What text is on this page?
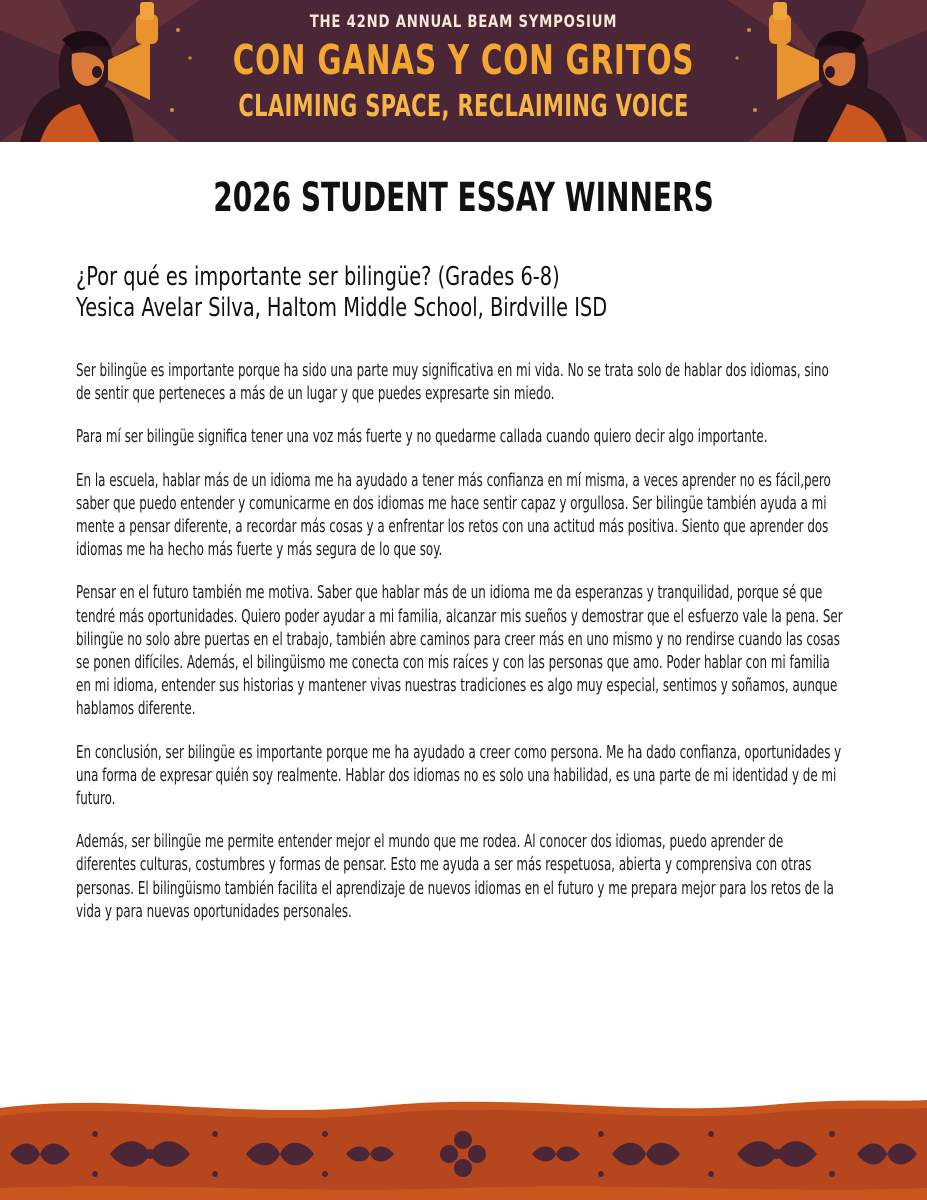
THE 42ND ANNUAL BEAM SYMPOSIUM
CON GANAS Y CON GRITOS
CLAIMING SPACE, RECLAIMING VOICE
2026 STUDENT ESSAY WINNERS
¿Por qué es importante ser bilingüe? (Grades 6-8)
Yesica Avelar Silva, Haltom Middle School, Birdville ISD

Ser bilingüe es importante porque ha sido una parte muy significativa en mi vida. No se trata solo de hablar dos idiomas, sino de sentir que perteneces a más de un lugar y que puedes expresarte sin miedo.

Para mí ser bilingüe significa tener una voz más fuerte y no quedarme callada cuando quiero decir algo importante.

En la escuela, hablar más de un idioma me ha ayudado a tener más confianza en mí misma, a veces aprender no es fácil,pero saber que puedo entender y comunicarme en dos idiomas me hace sentir capaz y orgullosa. Ser bilingüe también ayuda a mi mente a pensar diferente, a recordar más cosas y a enfrentar los retos con una actitud más positiva. Siento que aprender dos idiomas me ha hecho más fuerte y más segura de lo que soy.

Pensar en el futuro también me motiva. Saber que hablar más de un idioma me da esperanzas y tranquilidad, porque sé que tendré más oportunidades. Quiero poder ayudar a mi familia, alcanzar mis sueños y demostrar que el esfuerzo vale la pena. Ser bilingüe no solo abre puertas en el trabajo, también abre caminos para creer más en uno mismo y no rendirse cuando las cosas se ponen difíciles. Además, el bilingüismo me conecta con mis raíces y con las personas que amo. Poder hablar con mi familia en mi idioma, entender sus historias y mantener vivas nuestras tradiciones es algo muy especial, sentimos y soñamos, aunque hablamos diferente.

En conclusión, ser bilingüe es importante porque me ha ayudado a creer como persona. Me ha dado confianza, oportunidades y una forma de expresar quién soy realmente. Hablar dos idiomas no es solo una habilidad, es una parte de mi identidad y de mi futuro.

Además, ser bilingüe me permite entender mejor el mundo que me rodea. Al conocer dos idiomas, puedo aprender de diferentes culturas, costumbres y formas de pensar. Esto me ayuda a ser más respetuosa, abierta y comprensiva con otras personas. El bilingüismo también facilita el aprendizaje de nuevos idiomas en el futuro y me prepara mejor para los retos de la vida y para nuevas oportunidades personales.
